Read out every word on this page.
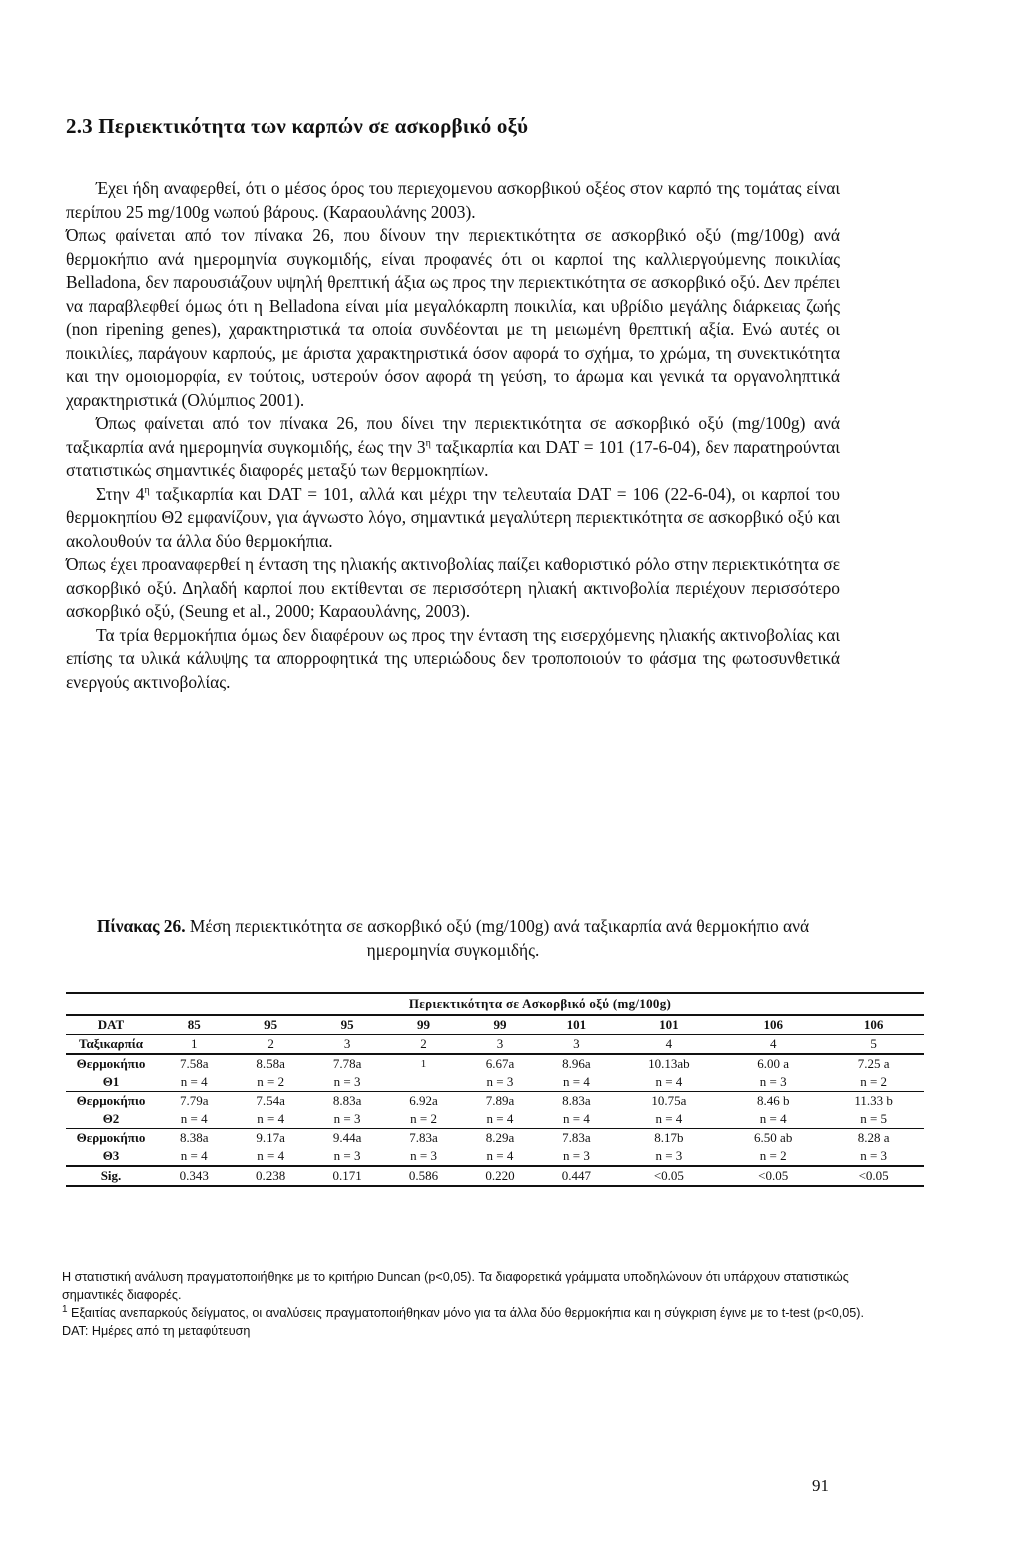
2.3 Περιεκτικότητα των καρπών σε ασκορβικό οξύ

Έχει ήδη αναφερθεί, ότι ο μέσος όρος του περιεχομενου ασκορβικού οξέος στον καρπό της τομάτας είναι περίπου 25 mg/100g νωπού βάρους. (Καραουλάνης 2003).

Όπως φαίνεται από τον πίνακα 26, που δίνουν την περιεκτικότητα σε ασκορβικό οξύ (mg/100g) ανά θερμοκήπιο ανά ημερομηνία συγκομιδής, είναι προφανές ότι οι καρποί της καλλιεργούμενης ποικιλίας Belladona, δεν παρουσιάζουν υψηλή θρεπτική άξια ως προς την περιεκτικότητα σε ασκορβικό οξύ. Δεν πρέπει να παραβλεφθεί όμως ότι η Belladona είναι μία μεγαλόκαρπη ποικιλία, και υβρίδιο μεγάλης διάρκειας ζωής (non ripening genes), χαρακτηριστικά τα οποία συνδέονται με τη μειωμένη θρεπτική αξία. Ενώ αυτές οι ποικιλίες, παράγουν καρπούς, με άριστα χαρακτηριστικά όσον αφορά το σχήμα, το χρώμα, τη συνεκτικότητα και την ομοιομορφία, εν τούτοις, υστερούν όσον αφορά τη γεύση, το άρωμα και γενικά τα οργανοληπτικά χαρακτηριστικά (Ολύμπιος 2001).

Όπως φαίνεται από τον πίνακα 26, που δίνει την περιεκτικότητα σε ασκορβικό οξύ (mg/100g) ανά ταξικαρπία ανά ημερομηνία συγκομιδής, έως την $3^\eta$ ταξικαρπία και DAT = 101 (17-6-04), δεν παρατηρούνται στατιστικώς σημαντικές διαφορές μεταξύ των θερμοκηπίων.

Στην $4^\eta$ ταξικαρπία και DAT = 101, αλλά και μέχρι την τελευταία DAT = 106 (22-6-04), οι καρποί του θερμοκηπίου Θ2 εμφανίζουν, για άγνωστο λόγο, σημαντικά μεγαλύτερη περιεκτικότητα σε ασκορβικό οξύ και ακολουθούν τα άλλα δύο θερμοκήπια.

Όπως έχει προαναφερθεί η ένταση της ηλιακής ακτινοβολίας παίζει καθοριστικό ρόλο στην περιεκτικότητα σε ασκορβικό οξύ. Δηλαδή καρποί που εκτίθενται σε περισσότερη ηλιακή ακτινοβολία περιέχουν περισσότερο ασκορβικό οξύ, (Seung et al., 2000; Καραουλάνης, 2003).

Τα τρία θερμοκήπια όμως δεν διαφέρουν ως προς την ένταση της εισερχόμενης ηλιακής ακτινοβολίας και επίσης τα υλικά κάλυψης τα απορροφητικά της υπεριώδους δεν τροποποιούν το φάσμα της φωτοσυνθετικά ενεργούς ακτινοβολίας.

Πίνακας 26. Μέση περιεκτικότητα σε ασκορβικό οξύ (mg/100g) ανά ταξικαρπία ανά θερμοκήπιο ανά ημερομηνία συγκομιδής.
	Περιεκτικότητα σε Ασκορβικό οξύ (mg/100g)								
DAT	85	95	95	99	99	101	101	106	106
Ταξικαρπία	1	2	3	2	3	3	4	4	5
Θερμοκήπιο	7.58a	8.58a	7.78a	1	6.67a	8.96a	10.13ab	6.00 a	7.25 a
Θ1	n = 4	n = 2	n = 3		n = 3	n = 4	n = 4	n = 3	n = 2
Θερμοκήπιο	7.79a	7.54a	8.83a	6.92a	7.89a	8.83a	10.75a	8.46 b	11.33 b
Θ2	n = 4	n = 4	n = 3	n = 2	n = 4	n = 4	n = 4	n = 4	n = 5
Θερμοκήπιο	8.38a	9.17a	9.44a	7.83a	8.29a	7.83a	8.17b	6.50 ab	8.28 a
Θ3	n = 4	n = 4	n = 3	n = 3	n = 4	n = 3	n = 3	n = 2	n = 3
Sig.	0.343	0.238	0.171	0.586	0.220	0.447	<0.05	<0.05	<0.05

Η στατιστική ανάλυση πραγματοποιήθηκε με το κριτήριο Duncan (p<0,05). Τα διαφορετικά γράμματα υποδηλώνουν ότι υπάρχουν στατιστικώς σημαντικές διαφορές.

$^1$ Εξαιτίας ανεπαρκούς δείγματος, οι αναλύσεις πραγματοποιήθηκαν μόνο για τα άλλα δύο θερμοκήπια και η σύγκριση έγινε με το t-test (p<0,05).

DAT: Ημέρες από τη μεταφύτευση

91
